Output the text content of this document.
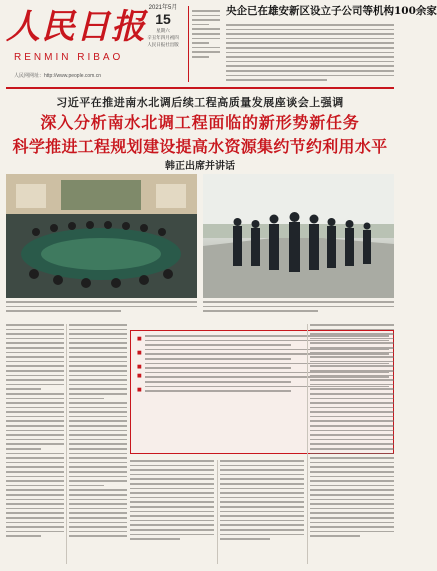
人民日报
RENMIN RIBAO
人民网网址：http://www.people.com.cn
2021年5月
15
星期六
辛丑年四月初四
人民日报社出版
央企已在雄安新区设立子公司等机构100余家
习近平在推进南水北调后续工程高质量发展座谈会上强调
深入分析南水北调工程面临的新形势新任务
科学推进工程规划建设提高水资源集约节约利用水平
韩正出席并讲话
■
■
■
■
■
